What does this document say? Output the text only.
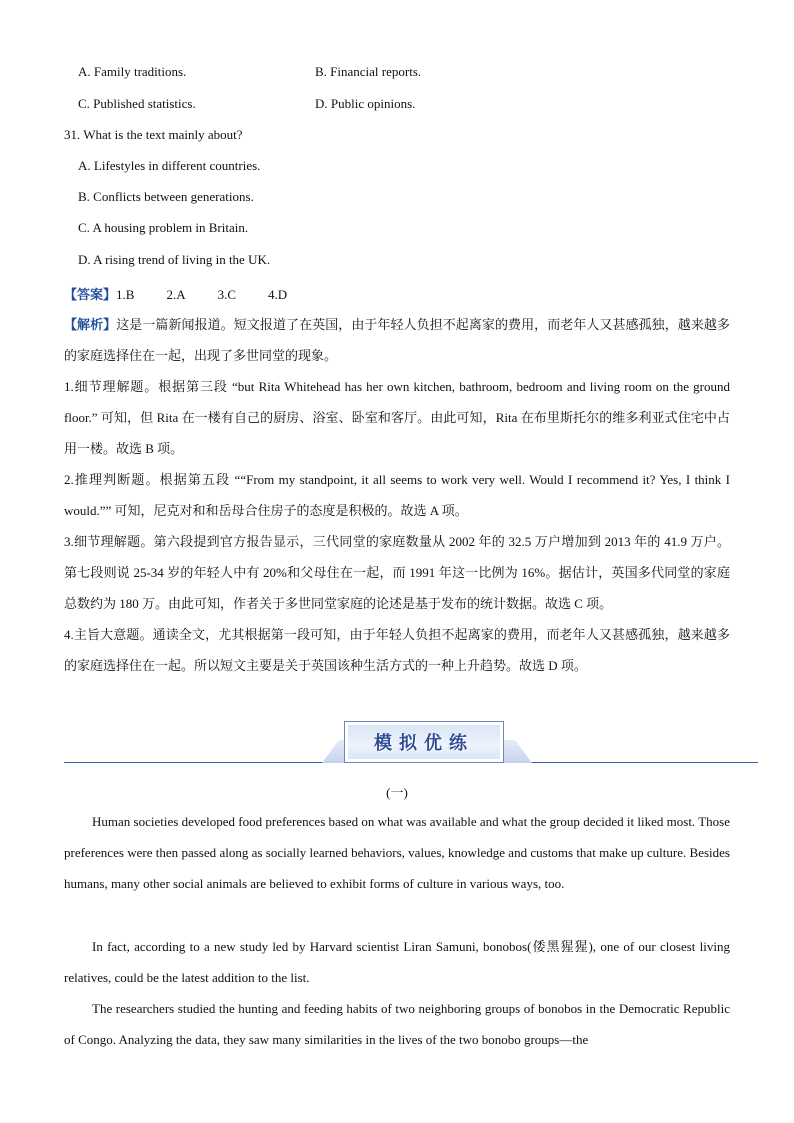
A. Family traditions.	B. Financial reports.
C. Published statistics.	D. Public opinions.
31. What is the text mainly about?
A. Lifestyles in different countries.
B. Conflicts between generations.
C. A housing problem in Britain.
D. A rising trend of living in the UK.
【答案】1.B 2.A 3.C 4.D
【解析】这是一篇新闻报道。短文报道了在英国，由于年轻人负担不起离家的费用，而老年人又甚感孤独，越来越多的家庭选择住在一起，出现了多世同堂的现象。
1.细节理解题。根据第三段 “but Rita Whitehead has her own kitchen, bathroom, bedroom and living room on the ground floor.” 可知，但 Rita 在一楼有自己的厨房、浴室、卧室和客厅。由此可知，Rita 在布里斯托尔的维多利亚式住宅中占用一楼。故选 B 项。
2.推理判断题。根据第五段 ““From my standpoint, it all seems to work very well. Would I recommend it? Yes, I think I would.”” 可知，尼克对和和岳母合住房子的态度是积极的。故选 A 项。
3.细节理解题。第六段提到官方报告显示，三代同堂的家庭数量从 2002 年的 32.5 万户增加到 2013 年的 41.9 万户。第七段则说 25-34 岁的年轻人中有 20%和父母住在一起，而 1991 年这一比例为 16%。据估计，英国多代同堂的家庭总数约为 180 万。由此可知，作者关于多世同堂家庭的论述是基于发布的统计数据。故选 C 项。
4.主旨大意题。通读全文，尤其根据第一段可知，由于年轻人负担不起离家的费用，而老年人又甚感孤独，越来越多的家庭选择住在一起。所以短文主要是关于英国该种生活方式的一种上升趋势。故选 D 项。
模拟优练
(一)
Human societies developed food preferences based on what was available and what the group decided it liked most. Those preferences were then passed along as socially learned behaviors, values, knowledge and customs that make up culture. Besides humans, many other social animals are believed to exhibit forms of culture in various ways, too.
In fact, according to a new study led by Harvard scientist Liran Samuni, bonobos(倭黑猩猩), one of our closest living relatives, could be the latest addition to the list.
The researchers studied the hunting and feeding habits of two neighboring groups of bonobos in the Democratic Republic of Congo. Analyzing the data, they saw many similarities in the lives of the two bonobo groups—the
